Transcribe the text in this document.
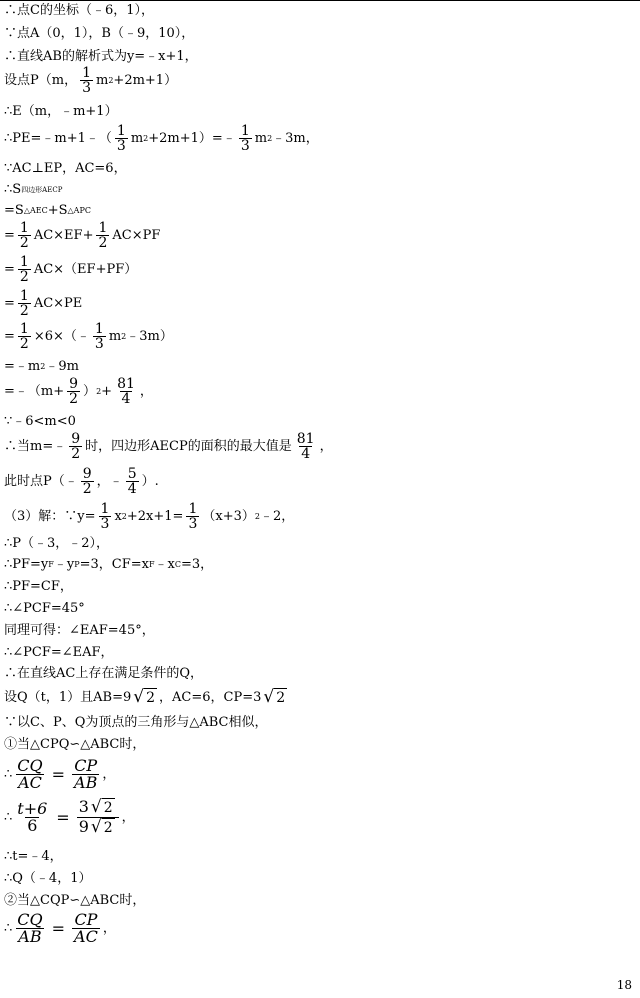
∴点C的坐标（﹣6，1），
∵点A（0，1），B（﹣9，10），
∴直线AB的解析式为y=﹣x+1，
设点P（m， $\frac{1}{3}$ m 2 +2m+1）
∴E（m，﹣m+1）
∴PE=﹣m+1﹣（ $\frac{1}{3}$ m 2 +2m+1）=﹣ $\frac{1}{3}$ m 2 ﹣3m，
∵AC⊥EP，AC=6，
∴S 四边形AECP
=S △AEC +S △APC
= $\frac{1}{2} AC\times EF+ \frac{1}{2} AC\times PF$
= $\frac{1}{2} AC\times(EF+PF)$
= $\frac{1}{2} AC\times PE$
= $\frac{1}{2}$ ×6×（﹣ $\frac{1}{3}$ m 2 ﹣3m）
=﹣m 2 ﹣9m
=﹣（m+ $\frac{9}{2}$ ） $2 + \frac{81}{4}$ ，
∵﹣6<m<0
∴当m=﹣ $\frac{9}{2}$ 时，四边形AECP的面积的最大值是 $\frac{81}{4}$ ，
此时点P（﹣ $\frac{9}{2}$ ，﹣ $\frac{5}{4}$ ）.
（3）解：∵y= $\frac{1}{3}$ x $2 +2x+1= \frac{1}{3} (x+3)$ 2 ﹣2，
∴P（﹣3，﹣2），
∴PF=y F ﹣y P =3，CF=x F ﹣x C =3，
∴PF=CF，
∴∠PCF=45°
同理可得：∠EAF=45°，
∴∠PCF=∠EAF，
∴在直线AC上存在满足条件的Q，
设Q（t，1）且AB=9 √ 2 ，AC=6，CP=3 √ 2
∵以C、P、Q为顶点的三角形与△ABC相似，
①当△CPQ∽△ABC时，
∴ $\frac{CQ}{AC} = \frac{CP}{AB}$ ，
∴ $\frac{t+6}{6} = \frac{3 √ 2}{9 √ 2}$ ，
∴t=﹣4，
∴Q（﹣4，1）
②当△CQP∽△ABC时，
∴ $\frac{CQ}{AB} = \frac{CP}{AC}$ ，
18
